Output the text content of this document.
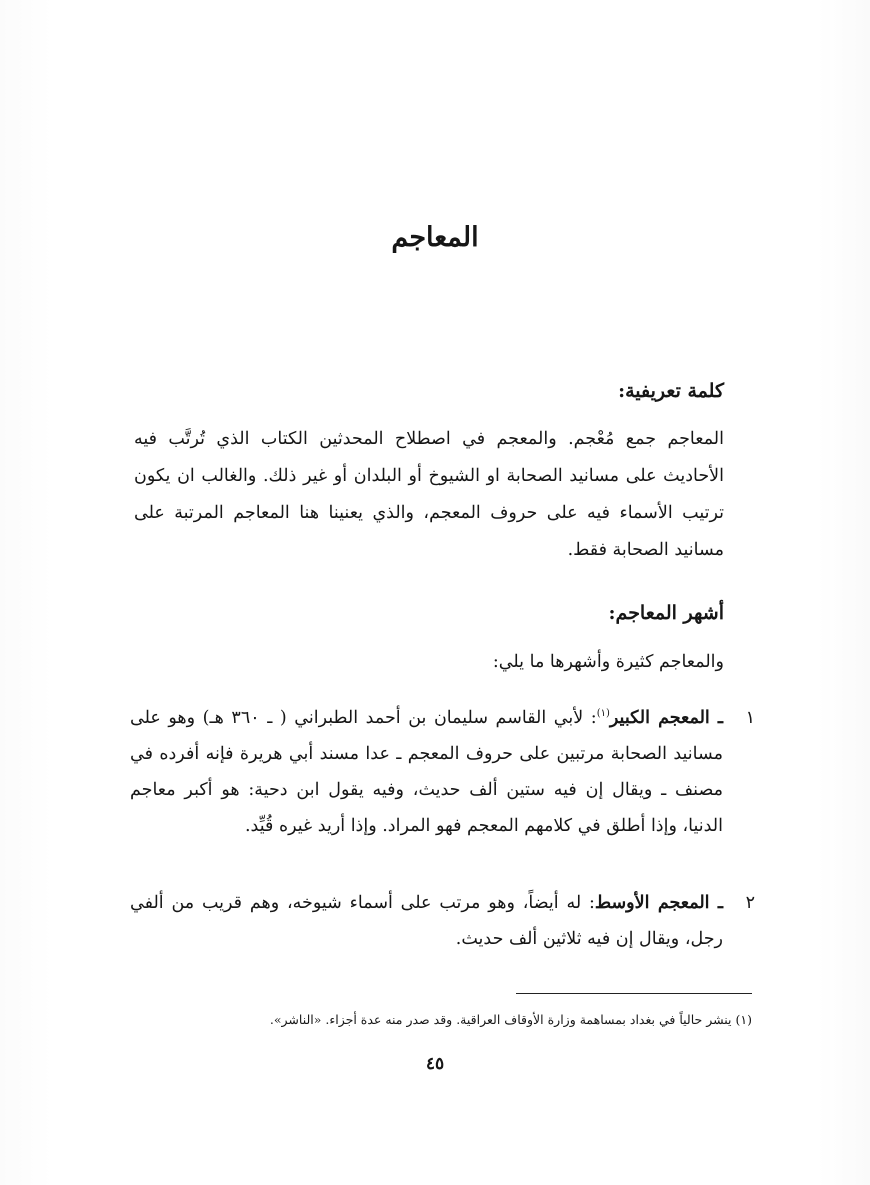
المعاجم
كلمة تعريفية:

المعاجم جمع مُعْجم. والمعجم في اصطلاح المحدثين الكتاب الذي تُرتَّب فيه الأحاديث على مسانيد الصحابة او الشيوخ أو البلدان أو غير ذلك. والغالب ان يكون ترتيب الأسماء فيه على حروف المعجم، والذي يعنينا هنا المعاجم المرتبة على مسانيد الصحابة فقط.

أشهر المعاجم:

والمعاجم كثيرة وأشهرها ما يلي:

١
ـ المعجم الكبير$^{(١)}$: لأبي القاسم سليمان بن أحمد الطبراني ( ـ ٣٦٠ هـ) وهو على مسانيد الصحابة مرتبين على حروف المعجم ـ عدا مسند أبي هريرة فإنه أفرده في مصنف ـ ويقال إن فيه ستين ألف حديث، وفيه يقول ابن دحية: هو أكبر معاجم الدنيا، وإذا أطلق في كلامهم المعجم فهو المراد. وإذا أريد غيره قُيِّد.
٢
ـ المعجم الأوسط: له أيضاً، وهو مرتب على أسماء شيوخه، وهم قريب من ألفي رجل، ويقال إن فيه ثلاثين ألف حديث.

(١) ينشر حالياً في بغداد بمساهمة وزارة الأوقاف العراقية. وقد صدر منه عدة أجزاء. «الناشر».

٤٥
